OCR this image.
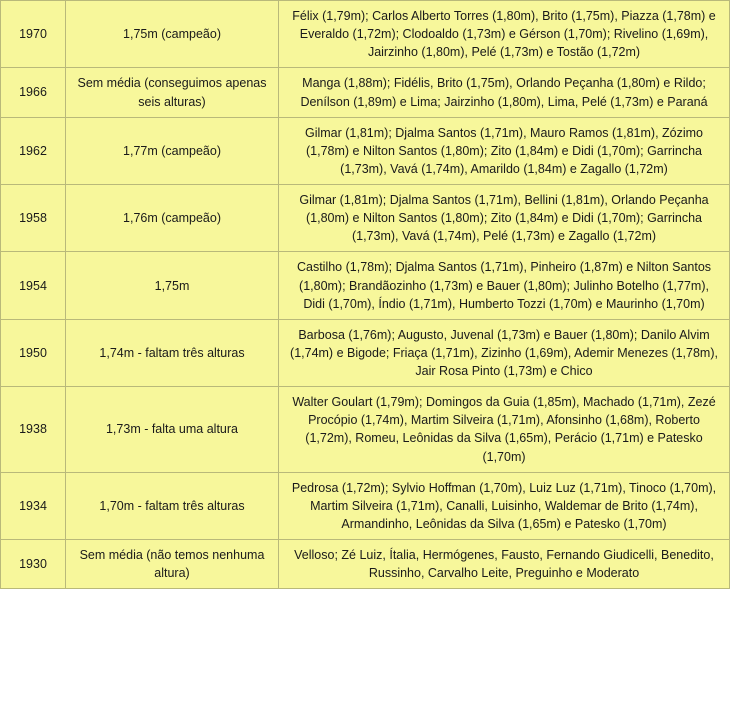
1970	1,75m (campeão)	Félix (1,79m); Carlos Alberto Torres (1,80m), Brito (1,75m), Piazza (1,78m) e Everaldo (1,72m); Clodoaldo (1,73m) e Gérson (1,70m); Rivelino (1,69m), Jairzinho (1,80m), Pelé (1,73m) e Tostão (1,72m)
1966	Sem média (conseguimos apenas seis alturas)	Manga (1,88m); Fidélis, Brito (1,75m), Orlando Peçanha (1,80m) e Rildo; Denílson (1,89m) e Lima; Jairzinho (1,80m), Lima, Pelé (1,73m) e Paraná
1962	1,77m (campeão)	Gilmar (1,81m); Djalma Santos (1,71m), Mauro Ramos (1,81m), Zózimo (1,78m) e Nilton Santos (1,80m); Zito (1,84m) e Didi (1,70m); Garrincha (1,73m), Vavá (1,74m), Amarildo (1,84m) e Zagallo (1,72m)
1958	1,76m (campeão)	Gilmar (1,81m); Djalma Santos (1,71m), Bellini (1,81m), Orlando Peçanha (1,80m) e Nilton Santos (1,80m); Zito (1,84m) e Didi (1,70m); Garrincha (1,73m), Vavá (1,74m), Pelé (1,73m) e Zagallo (1,72m)
1954	1,75m	Castilho (1,78m); Djalma Santos (1,71m), Pinheiro (1,87m) e Nilton Santos (1,80m); Brandãozinho (1,73m) e Bauer (1,80m); Julinho Botelho (1,77m), Didi (1,70m), Índio (1,71m), Humberto Tozzi (1,70m) e Maurinho (1,70m)
1950	1,74m - faltam três alturas	Barbosa (1,76m); Augusto, Juvenal (1,73m) e Bauer (1,80m); Danilo Alvim (1,74m) e Bigode; Friaça (1,71m), Zizinho (1,69m), Ademir Menezes (1,78m), Jair Rosa Pinto (1,73m) e Chico
1938	1,73m - falta uma altura	Walter Goulart (1,79m); Domingos da Guia (1,85m), Machado (1,71m), Zezé Procópio (1,74m), Martim Silveira (1,71m), Afonsinho (1,68m), Roberto (1,72m), Romeu, Leônidas da Silva (1,65m), Perácio (1,71m) e Patesko (1,70m)
1934	1,70m - faltam três alturas	Pedrosa (1,72m); Sylvio Hoffman (1,70m), Luiz Luz (1,71m), Tinoco (1,70m), Martim Silveira (1,71m), Canalli, Luisinho, Waldemar de Brito (1,74m), Armandinho, Leônidas da Silva (1,65m) e Patesko (1,70m)
1930	Sem média (não temos nenhuma altura)	Velloso; Zé Luiz, Ítalia, Hermógenes, Fausto, Fernando Giudicelli, Benedito, Russinho, Carvalho Leite, Preguinho e Moderato
